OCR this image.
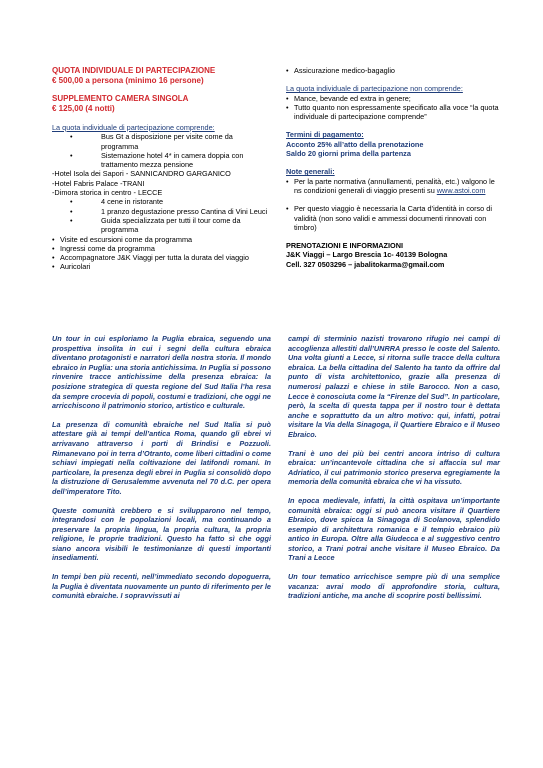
QUOTA INDIVIDUALE DI PARTECIPAZIONE

€ 500,00 a persona (minimo 16 persone)

SUPPLEMENTO CAMERA SINGOLA

€ 125,00 (4 notti)

La quota individuale di partecipazione comprende:

• Bus Gt a disposizione per visite come da programma
• Sistemazione hotel 4* in camera doppia con trattamento mezza pensione

-Hotel Isola dei Sapori - SANNICANDRO GARGANICO

-Hotel Fabris Palace -TRANI

-Dimora storica in centro - LECCE

• 4 cene in ristorante
• 1 pranzo degustazione presso Cantina di Vini Leuci
• Guida specializzata per tutti il tour come da programma
• Visite ed escursioni come da programma
• Ingressi come da programma
• Accompagnatore J&K Viaggi per tutta la durata del viaggio
• Auricolari
• Assicurazione medico-bagaglio

La quota individuale di partecipazione non comprende:

• Mance, bevande ed extra in genere;
• Tutto quanto non espressamente specificato alla voce “la quota individuale di partecipazione comprende”

Termini di pagamento:

Acconto 25% all’atto della prenotazione

Saldo 20 giorni prima della partenza

Note generali:

• Per la parte normativa (annullamenti, penalità, etc.) valgono le ns condizioni generali di viaggio presenti su www.astoi.com
• Per questo viaggio è necessaria la Carta d’identità in corso di validità (non sono validi e ammessi documenti rinnovati con timbro)

PRENOTAZIONI E INFORMAZIONI

J&K Viaggi – Largo Brescia 1c- 40139 Bologna

Cell. 327 0503296 – jabalitokarma@gmail.com

Un tour in cui esploriamo la Puglia ebraica, seguendo una prospettiva insolita in cui i segni della cultura ebraica diventano protagonisti e narratori della nostra storia. Il mondo ebraico in Puglia: una storia antichissima. In Puglia si possono rinvenire tracce antichissime della presenza ebraica: la posizione strategica di questa regione del Sud Italia l’ha resa da sempre crocevia di popoli, costumi e tradizioni, che oggi ne arricchiscono il patrimonio storico, artistico e culturale.

La presenza di comunità ebraiche nel Sud Italia si può attestare già ai tempi dell’antica Roma, quando gli ebrei vi arrivavano attraverso i porti di Brindisi e Pozzuoli. Rimanevano poi in terra d’Otranto, come liberi cittadini o come schiavi impiegati nella coltivazione dei latifondi romani. In particolare, la presenza degli ebrei in Puglia si consolidò dopo la distruzione di Gerusalemme avvenuta nel 70 d.C. per opera dell’imperatore Tito.

Queste comunità crebbero e si svilupparono nel tempo, integrandosi con le popolazioni locali, ma continuando a preservare la propria lingua, la propria cultura, la propria religione, le proprie tradizioni. Questo ha fatto sì che oggi siano ancora visibili le testimonianze di questi importanti insediamenti.

In tempi ben più recenti, nell’immediato secondo dopoguerra, la Puglia è diventata nuovamente un punto di riferimento per le comunità ebraiche. I sopravvissuti ai

campi di sterminio nazisti trovarono rifugio nei campi di accoglienza allestiti dall’UNRRA presso le coste del Salento. Una volta giunti a Lecce, si ritorna sulle tracce della cultura ebraica. La bella cittadina del Salento ha tanto da offrire dal punto di vista architettonico, grazie alla presenza di numerosi palazzi e chiese in stile Barocco. Non a caso, Lecce è conosciuta come la “Firenze del Sud”. In particolare, però, la scelta di questa tappa per il nostro tour è dettata anche e soprattutto da un altro motivo: qui, infatti, potrai visitare la Via della Sinagoga, il Quartiere Ebraico e il Museo Ebraico.

Trani è uno dei più bei centri ancora intriso di cultura ebraica: un’incantevole cittadina che si affaccia sul mar Adriatico, il cui patrimonio storico preserva egregiamente la memoria della comunità ebraica che vi ha vissuto.

In epoca medievale, infatti, la città ospitava un’importante comunità ebraica: oggi si può ancora visitare il Quartiere Ebraico, dove spicca la Sinagoga di Scolanova, splendido esempio di architettura romanica e il tempio ebraico più antico in Europa. Oltre alla Giudecca e al suggestivo centro storico, a Trani potrai anche visitare il Museo Ebraico. Da Trani a Lecce

Un tour tematico arricchisce sempre più di una semplice vacanza: avrai modo di approfondire storia, cultura, tradizioni antiche, ma anche di scoprire posti bellissimi.
